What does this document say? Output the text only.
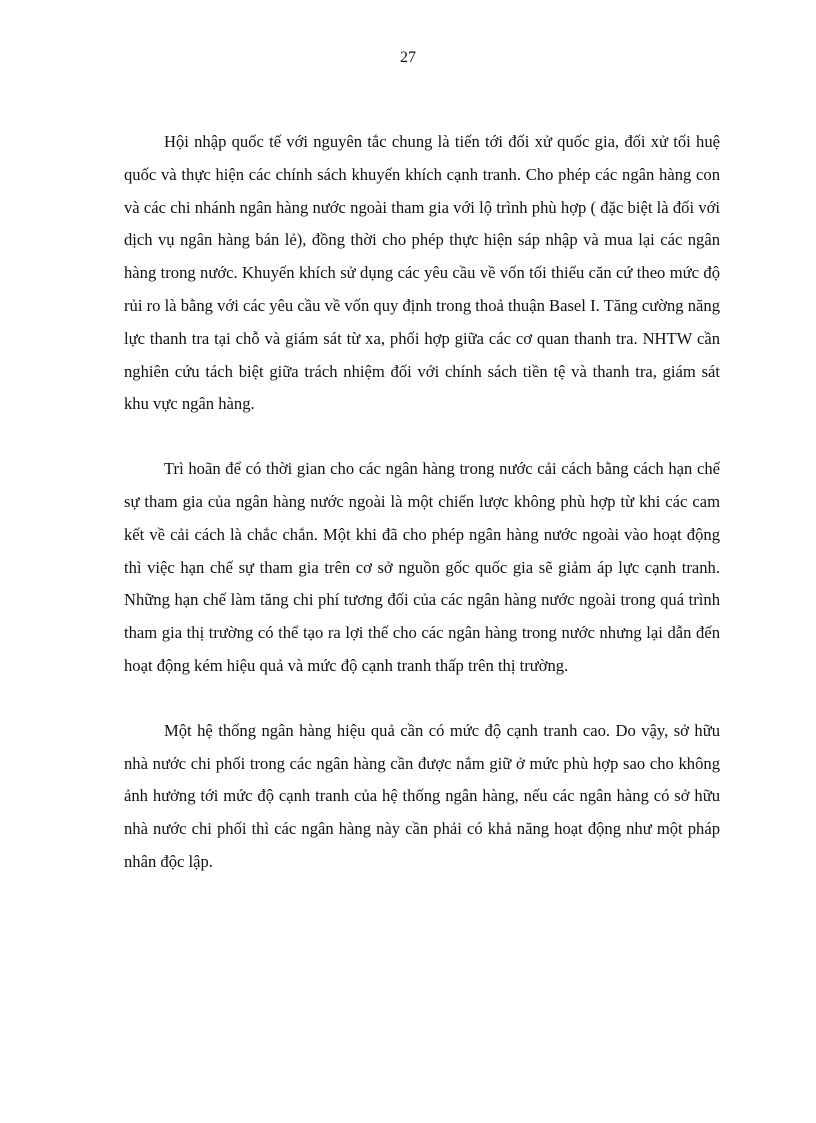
27

Hội nhập quốc tế với nguyên tắc chung là tiến tới đối xử quốc gia, đối xử tối huệ quốc và thực hiện các chính sách khuyến khích cạnh tranh. Cho phép các ngân hàng con và các chi nhánh ngân hàng nước ngoài tham gia với lộ trình phù hợp ( đặc biệt là đối với dịch vụ ngân hàng bán lẻ), đồng thời cho phép thực hiện sáp nhập và mua lại các ngân hàng trong nước. Khuyến khích sử dụng các yêu cầu về vốn tối thiểu căn cứ theo mức độ rủi ro là bằng với các yêu cầu về vốn quy định trong thoả thuận Basel I. Tăng cường năng lực thanh tra tại chỗ và giám sát từ xa, phối hợp giữa các cơ quan thanh tra. NHTW cần nghiên cứu tách biệt giữa trách nhiệm đối với chính sách tiền tệ và thanh tra, giám sát khu vực ngân hàng.

Trì hoãn để có thời gian cho các ngân hàng trong nước cải cách bằng cách hạn chế sự tham gia của ngân hàng nước ngoài là một chiến lược không phù hợp từ khi các cam kết về cải cách là chắc chắn. Một khi đã cho phép ngân hàng nước ngoài vào hoạt động thì việc hạn chế sự tham gia trên cơ sở nguồn gốc quốc gia sẽ giảm áp lực cạnh tranh. Những hạn chế làm tăng chi phí tương đối của các ngân hàng nước ngoài trong quá trình tham gia thị trường có thể tạo ra lợi thế cho các ngân hàng trong nước nhưng lại dẫn đến hoạt động kém hiệu quả và mức độ cạnh tranh thấp trên thị trường.

Một hệ thống ngân hàng hiệu quả cần có mức độ cạnh tranh cao. Do vậy, sở hữu nhà nước chi phối trong các ngân hàng cần được nắm giữ ở mức phù hợp sao cho không ảnh hưởng tới mức độ cạnh tranh của hệ thống ngân hàng, nếu các ngân hàng có sở hữu nhà nước chi phối thì các ngân hàng này cần phải có khả năng hoạt động như một pháp nhân độc lập.
